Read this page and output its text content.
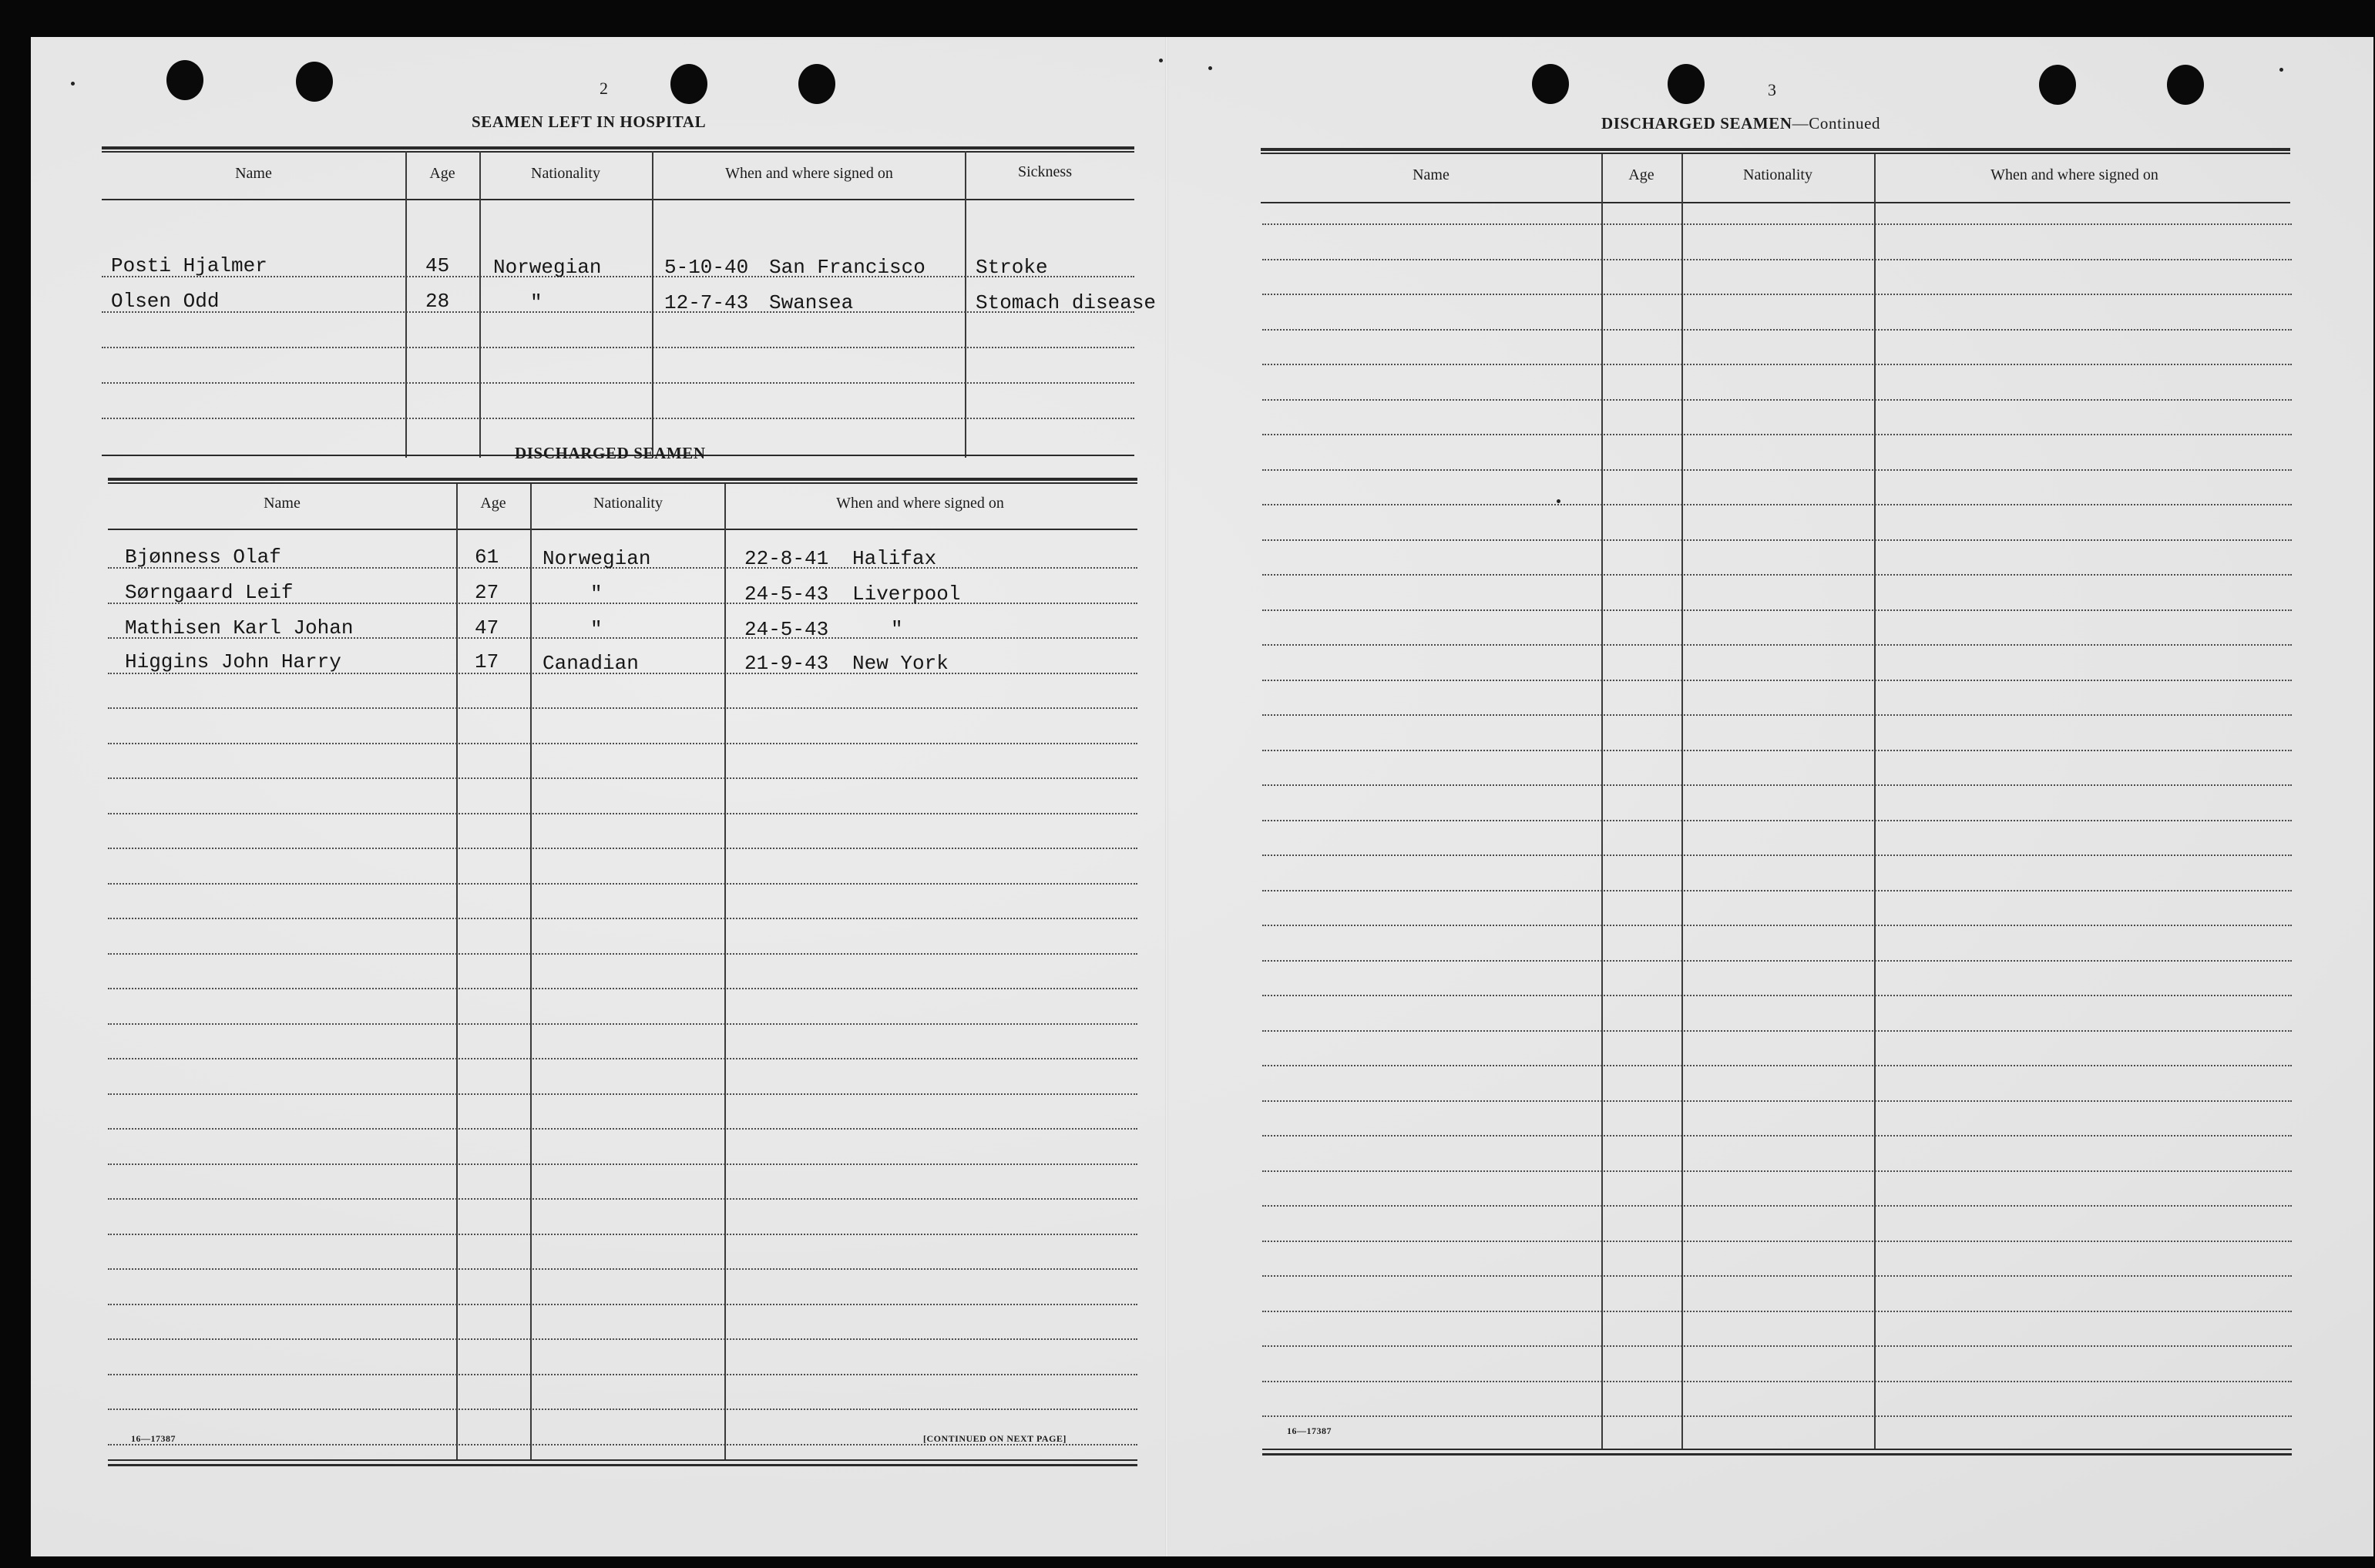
2
SEAMEN LEFT IN HOSPITAL
Name	Age	Nationality	When and where signed on	Sickness
Posti Hjalmer	45 Norwegian	5-10-40 San Francisco	Stroke
Olsen Odd	28	"	12-7-43 Swansea	Stomach disease
DISCHARGED SEAMEN
Name	Age	Nationality	When and where signed on
Bjønness Olaf	61 Norwegian	22-8-41 Halifax
Sørngaard Leif	27	"	24-5-43 Liverpool
Mathisen Karl Johan	47	"	24-5-43	"
Higgins John Harry	17 Canadian	21-9-43 New York
16—17387	[CONTINUED ON NEXT PAGE]
3
DISCHARGED SEAMEN—Continued
Name	Age	Nationality	When and where signed on
16—17387
